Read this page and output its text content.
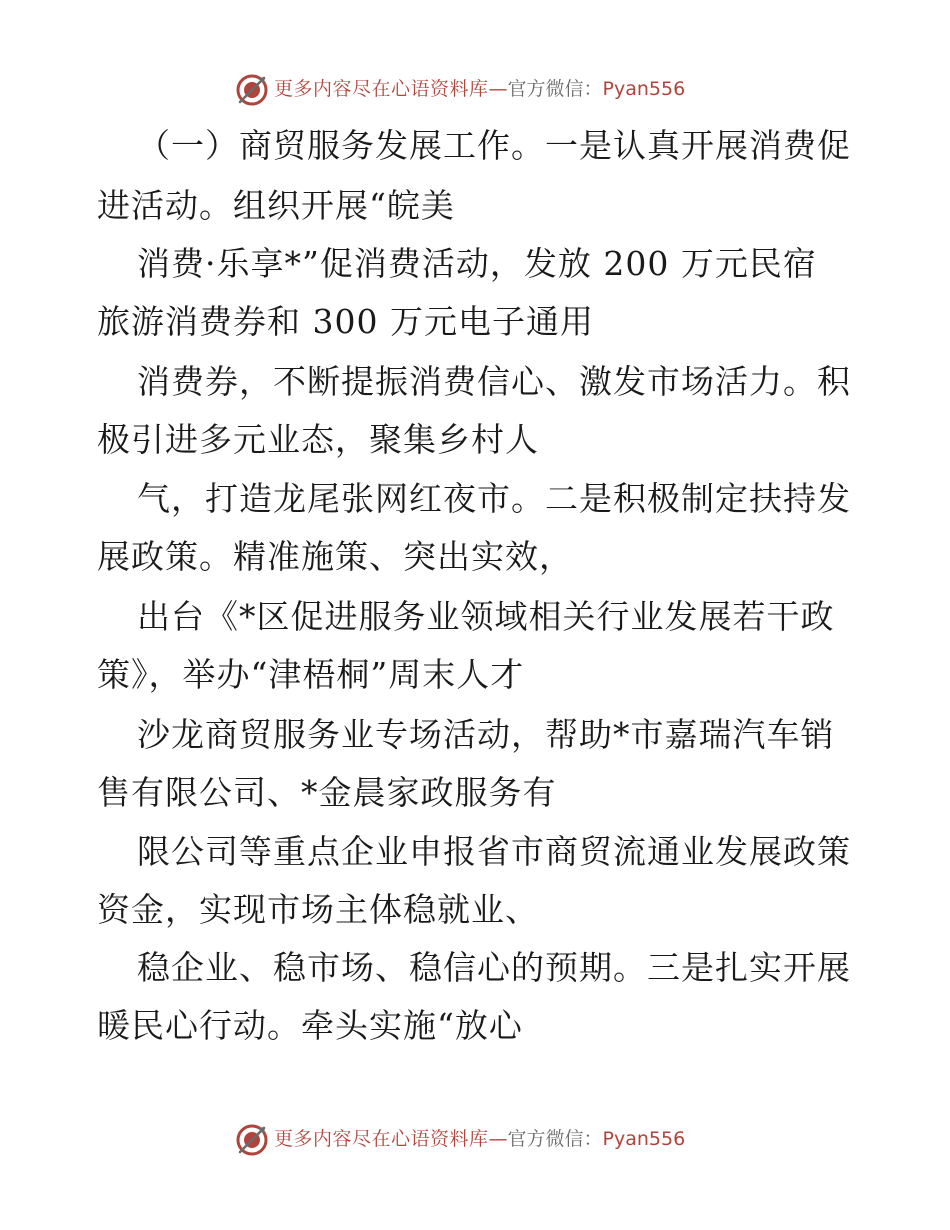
更多内容尽在心语资料库—官方微信：Pyan556
（一）商贸服务发展工作。一是认真开展消费促
进活动。组织开展“皖美
消费·乐享*”促消费活动，发放 200 万元民宿
旅游消费券和 300 万元电子通用
消费券，不断提振消费信心、激发市场活力。积
极引进多元业态，聚集乡村人
气，打造龙尾张网红夜市。二是积极制定扶持发
展政策。精准施策、突出实效，
出台《*区促进服务业领域相关行业发展若干政
策》，举办“津梧桐”周末人才
沙龙商贸服务业专场活动，帮助*市嘉瑞汽车销
售有限公司、*金晨家政服务有
限公司等重点企业申报省市商贸流通业发展政策
资金，实现市场主体稳就业、
稳企业、稳市场、稳信心的预期。三是扎实开展
暖民心行动。牵头实施“放心
更多内容尽在心语资料库—官方微信：Pyan556
